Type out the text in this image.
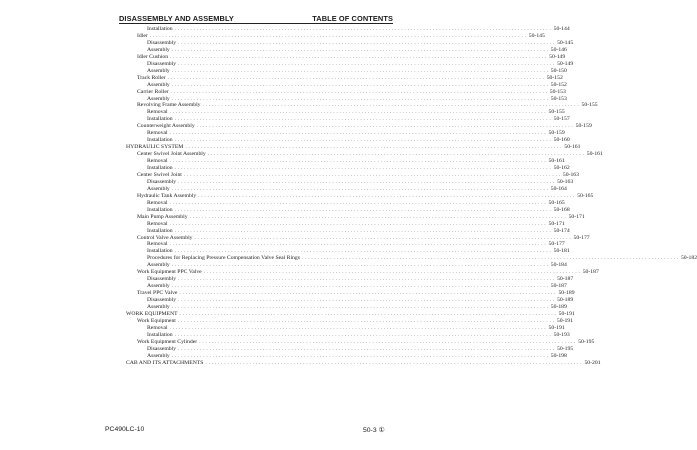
DISASSEMBLY AND ASSEMBLY	TABLE OF CONTENTS
Installation ........................................................................................................................ 50-144
Idler ........................................................................................................................ 50-145
Disassembly ........................................................................................................................ 50-145
Assembly ........................................................................................................................ 50-146
Idler Cushion ........................................................................................................................ 50-149
Disassembly ........................................................................................................................ 50-149
Assembly ........................................................................................................................ 50-150
Track Roller ........................................................................................................................ 50-152
Assembly ........................................................................................................................ 50-152
Carrier Roller ........................................................................................................................ 50-153
Assembly ........................................................................................................................ 50-153
Revolving Frame Assembly ........................................................................................................................ 50-155
Removal ........................................................................................................................ 50-155
Installation ........................................................................................................................ 50-157
Counterweight Assembly ........................................................................................................................ 50-159
Removal ........................................................................................................................ 50-159
Installation ........................................................................................................................ 50-160
HYDRAULIC SYSTEM ........................................................................................................................ 50-161
Center Swivel Joint Assembly ........................................................................................................................ 50-161
Removal ........................................................................................................................ 50-161
Installation ........................................................................................................................ 50-162
Center Swivel Joint ........................................................................................................................ 50-163
Disassembly ........................................................................................................................ 50-163
Assembly ........................................................................................................................ 50-164
Hydraulic Tank Assembly ........................................................................................................................ 50-165
Removal ........................................................................................................................ 50-165
Installation ........................................................................................................................ 50-168
Main Pump Assembly ........................................................................................................................ 50-171
Removal ........................................................................................................................ 50-171
Installation ........................................................................................................................ 50-174
Control Valve Assembly ........................................................................................................................ 50-177
Removal ........................................................................................................................ 50-177
Installation ........................................................................................................................ 50-181
Procedures for Replacing Pressure Compensation Valve Seal Rings ........................................................................................................................ 50-182
Assembly ........................................................................................................................ 50-184
Work Equipment PPC Valve ........................................................................................................................ 50-187
Disassembly ........................................................................................................................ 50-187
Assembly ........................................................................................................................ 50-187
Travel PPC Valve ........................................................................................................................ 50-189
Disassembly ........................................................................................................................ 50-189
Assembly ........................................................................................................................ 50-189
WORK EQUIPMENT ........................................................................................................................ 50-191
Work Equipment ........................................................................................................................ 50-191
Removal ........................................................................................................................ 50-191
Installation ........................................................................................................................ 50-193
Work Equipment Cylinder ........................................................................................................................ 50-195
Disassembly ........................................................................................................................ 50-195
Assembly ........................................................................................................................ 50-198
CAB AND ITS ATTACHMENTS ........................................................................................................................ 50-201
PC490LC-10	50-3 ①
